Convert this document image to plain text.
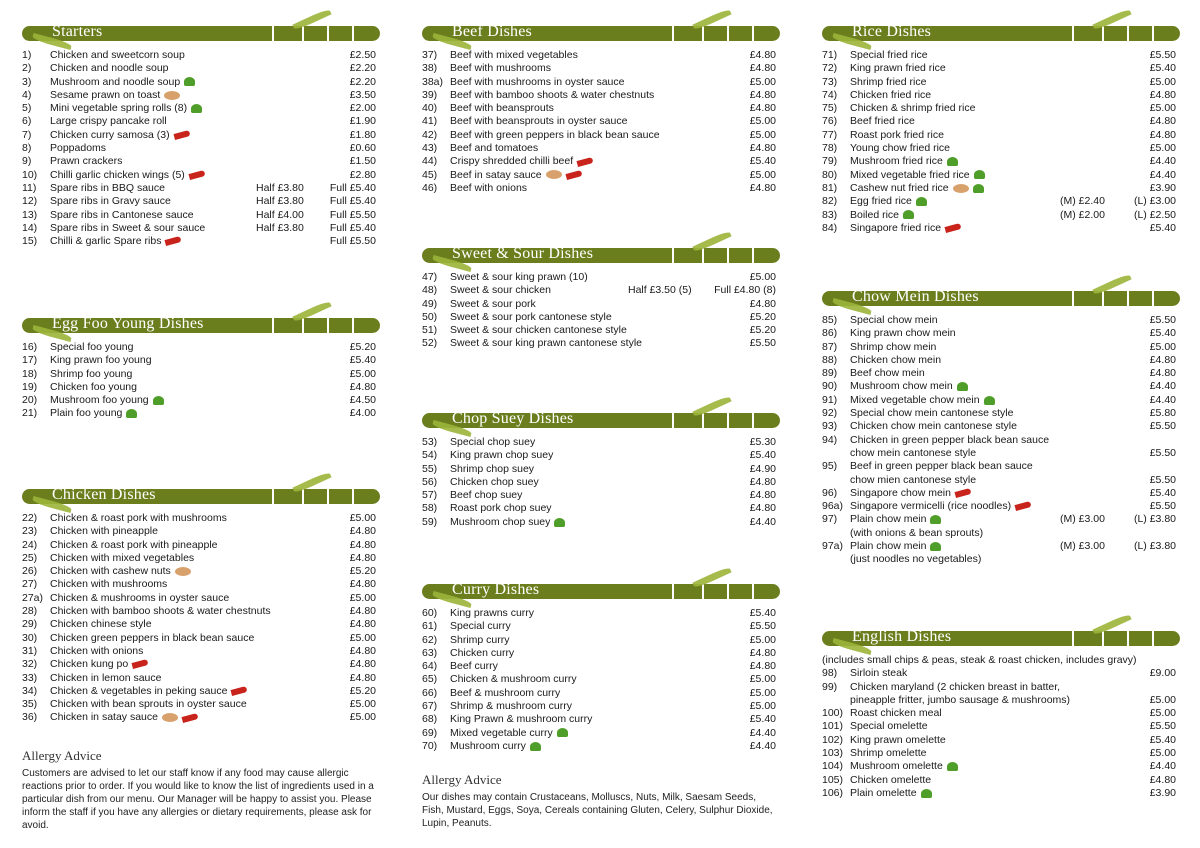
Starters
1) Chicken and sweetcorn soup	£2.50
2) Chicken and noodle soup	£2.20
3) Mushroom and noodle soup	£2.20
4) Sesame prawn on toast	£3.50
5) Mini vegetable spring rolls (8)	£2.00
6) Large crispy pancake roll	£1.90
7) Chicken curry samosa (3)	£1.80
8) Poppadoms	£0.60
9) Prawn crackers	£1.50
10) Chilli garlic chicken wings (5)	£2.80
11) Spare ribs in BBQ sauce	Half £3.80 Full £5.40
12) Spare ribs in Gravy sauce	Half £3.80 Full £5.40
13) Spare ribs in Cantonese sauce	Half £4.00 Full £5.50
14) Spare ribs in Sweet & sour sauce	Half £3.80 Full £5.40
15) Chilli & garlic Spare ribs	Full £5.50
Egg Foo Young Dishes
16) Special foo young	£5.20
17) King prawn foo young	£5.40
18) Shrimp foo young	£5.00
19) Chicken foo young	£4.80
20) Mushroom foo young	£4.50
21) Plain foo young	£4.00
Chicken Dishes
22) Chicken & roast pork with mushrooms	£5.00
23) Chicken with pineapple	£4.80
24) Chicken & roast pork with pineapple	£4.80
25) Chicken with mixed vegetables	£4.80
26) Chicken with cashew nuts	£5.20
27) Chicken with mushrooms	£4.80
27a) Chicken & mushrooms in oyster sauce	£5.00
28) Chicken with bamboo shoots & water chestnuts	£4.80
29) Chicken chinese style	£4.80
30) Chicken green peppers in black bean sauce	£5.00
31) Chicken with onions	£4.80
32) Chicken kung po	£4.80
33) Chicken in lemon sauce	£4.80
34) Chicken & vegetables in peking sauce	£5.20
35) Chicken with bean sprouts in oyster sauce	£5.00
36) Chicken in satay sauce	£5.00
Allergy Advice
Customers are advised to let our staff know if any food may cause allergic reactions prior to order. If you would like to know the list of ingredients used in a particular dish from our menu. Our Manager will be happy to assist you. Please inform the staff if you have any allergies or dietary requirements, please ask for avoid.
Beef Dishes
37) Beef with mixed vegetables	£4.80
38) Beef with mushrooms	£4.80
38a) Beef with mushrooms in oyster sauce	£5.00
39) Beef with bamboo shoots & water chestnuts	£4.80
40) Beef with beansprouts	£4.80
41) Beef with beansprouts in oyster sauce	£5.00
42) Beef with green peppers in black bean sauce	£5.00
43) Beef and tomatoes	£4.80
44) Crispy shredded chilli beef	£5.40
45) Beef in satay sauce	£5.00
46) Beef with onions	£4.80
Sweet & Sour Dishes
47) Sweet & sour king prawn (10)	£5.00
48) Sweet & sour chicken	Half £3.50 (5) Full £4.80 (8)
49) Sweet & sour pork	£4.80
50) Sweet & sour pork cantonese style	£5.20
51) Sweet & sour chicken cantonese style	£5.20
52) Sweet & sour king prawn cantonese style	£5.50
Chop Suey Dishes
53) Special chop suey	£5.30
54) King prawn chop suey	£5.40
55) Shrimp chop suey	£4.90
56) Chicken chop suey	£4.80
57) Beef chop suey	£4.80
58) Roast pork chop suey	£4.80
59) Mushroom chop suey	£4.40
Curry Dishes
60) King prawns curry	£5.40
61) Special curry	£5.50
62) Shrimp curry	£5.00
63) Chicken curry	£4.80
64) Beef curry	£4.80
65) Chicken & mushroom curry	£5.00
66) Beef & mushroom curry	£5.00
67) Shrimp & mushroom curry	£5.00
68) King Prawn & mushroom curry	£5.40
69) Mixed vegetable curry	£4.40
70) Mushroom curry	£4.40
Allergy Advice
Our dishes may contain Crustaceans, Molluscs, Nuts, Milk, Saesam Seeds, Fish, Mustard, Eggs, Soya, Cereals containing Gluten, Celery, Sulphur Dioxide, Lupin, Peanuts.
Rice Dishes
71) Special fried rice	£5.50
72) King prawn fried rice	£5.40
73) Shrimp fried rice	£5.00
74) Chicken fried rice	£4.80
75) Chicken & shrimp fried rice	£5.00
76) Beef fried rice	£4.80
77) Roast pork fried rice	£4.80
78) Young chow fried rice	£5.00
79) Mushroom fried rice	£4.40
80) Mixed vegetable fried rice	£4.40
81) Cashew nut fried rice	£3.90
82) Egg fried rice	(M) £2.40	(L) £3.00
83) Boiled rice	(M) £2.00	(L) £2.50
84) Singapore fried rice	£5.40
Chow Mein Dishes
85) Special chow mein	£5.50
86) King prawn chow mein	£5.40
87) Shrimp chow mein	£5.00
88) Chicken chow mein	£4.80
89) Beef chow mein	£4.80
90) Mushroom chow mein	£4.40
91) Mixed vegetable chow mein	£4.40
92) Special chow mein cantonese style	£5.80
93) Chicken chow mein cantonese style	£5.50
94) Chicken in green pepper black bean sauce
chow mein cantonese style	£5.50
95) Beef in green pepper black bean sauce
chow mien cantonese style	£5.50
96) Singapore chow mein	£5.40
96a) Singapore vermicelli (rice noodles)	£5.50
97) Plain chow mein	(M) £3.00	(L) £3.80
(with onions & bean sprouts)
97a) Plain chow mein	(M) £3.00	(L) £3.80
(just noodles no vegetables)
English Dishes
(includes small chips & peas, steak & roast chicken, includes gravy)
98) Sirloin steak	£9.00
99) Chicken maryland (2 chicken breast in batter,
pineapple fritter, jumbo sausage & mushrooms)	£5.00
100) Roast chicken meal	£5.00
101) Special omelette	£5.50
102) King prawn omelette	£5.40
103) Shrimp omelette	£5.00
104) Mushroom omelette	£4.40
105) Chicken omelette	£4.80
106) Plain omelette	£3.90
